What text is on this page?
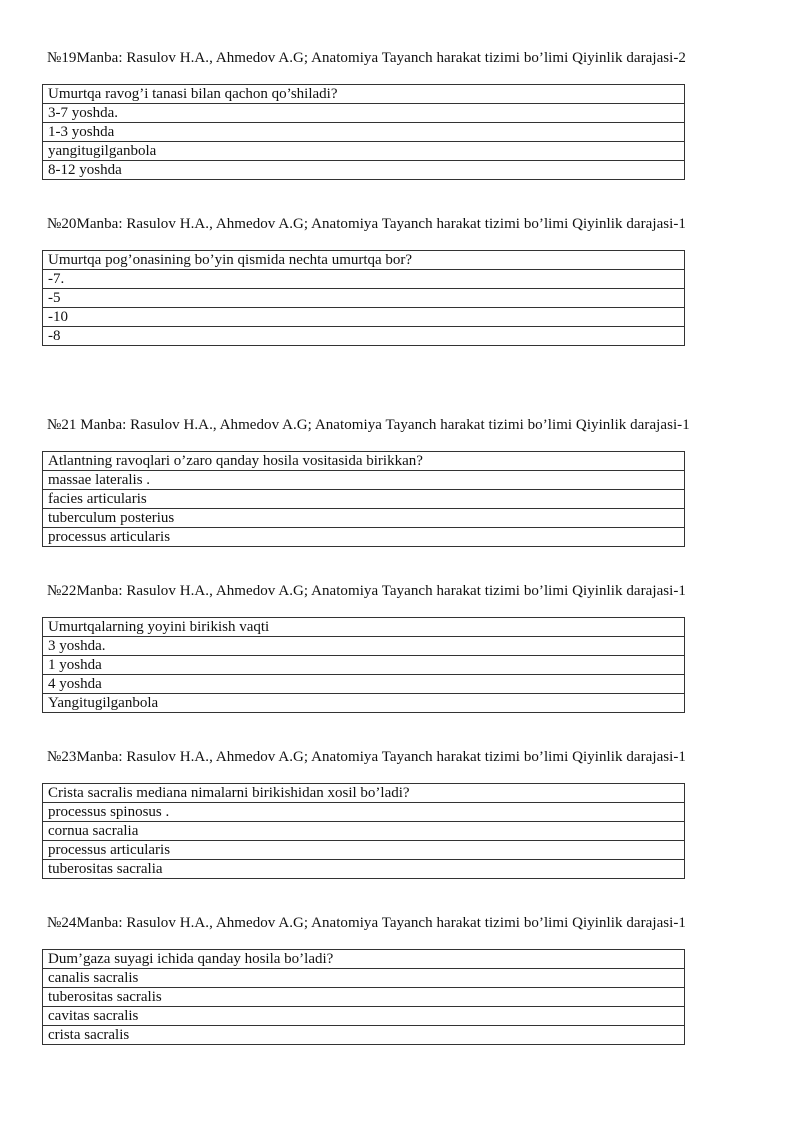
№19Manba: Rasulov H.A., Ahmedov A.G; Anatomiya Tayanch harakat tizimi bo’limi Qiyinlik darajasi-2
Umurtqa ravog’i tanasi bilan qachon qo’shiladi?
3-7 yoshda.
1-3 yoshda
yangitugilganbola
8-12 yoshda
№20Manba: Rasulov H.A., Ahmedov A.G; Anatomiya Tayanch harakat tizimi bo’limi Qiyinlik darajasi-1
Umurtqa pog’onasining bo’yin qismida nechta umurtqa bor?
-7.
-5
-10
-8
№21 Manba: Rasulov H.A., Ahmedov A.G; Anatomiya Tayanch harakat tizimi bo’limi Qiyinlik darajasi-1
Atlantning ravoqlari o’zaro qanday hosila vositasida birikkan?
massae lateralis .
facies articularis
tuberculum posterius
processus articularis
№22Manba: Rasulov H.A., Ahmedov A.G; Anatomiya Tayanch harakat tizimi bo’limi Qiyinlik darajasi-1
Umurtqalarning yoyini birikish vaqti
3 yoshda.
1 yoshda
4 yoshda
Yangitugilganbola
№23Manba: Rasulov H.A., Ahmedov A.G; Anatomiya Tayanch harakat tizimi bo’limi Qiyinlik darajasi-1
Crista sacralis mediana nimalarni birikishidan xosil bo’ladi?
processus spinosus .
cornua sacralia
processus articularis
tuberositas sacralia
№24Manba: Rasulov H.A., Ahmedov A.G; Anatomiya Tayanch harakat tizimi bo’limi Qiyinlik darajasi-1
Dum’gaza suyagi ichida qanday hosila bo’ladi?
canalis sacralis
tuberositas sacralis
cavitas sacralis
crista sacralis
